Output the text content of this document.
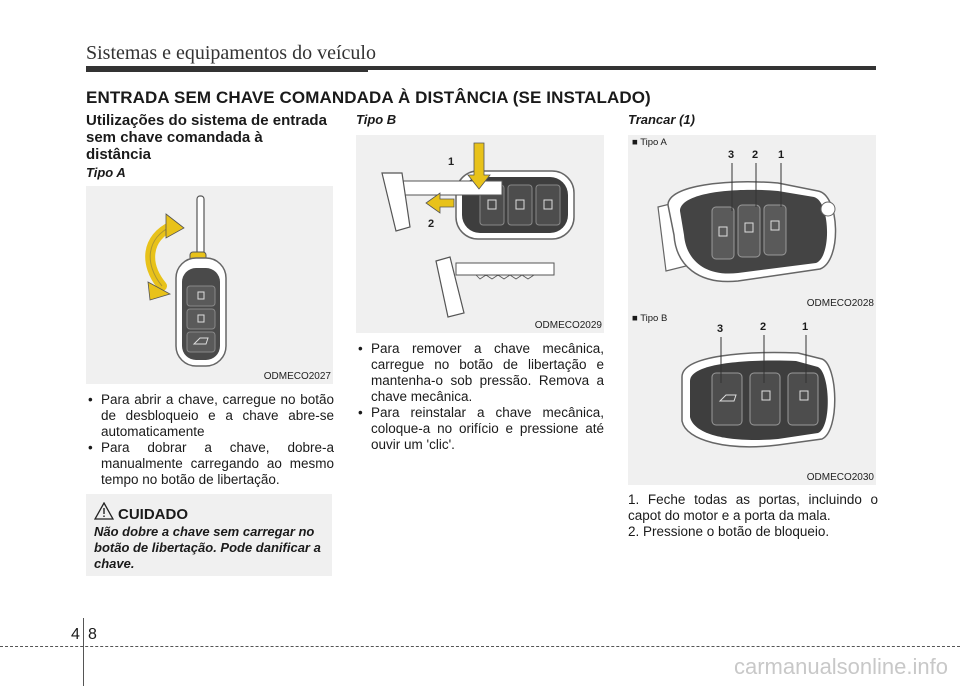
Sistemas e equipamentos do veículo
ENTRADA SEM CHAVE COMANDADA À DISTÂNCIA (SE INSTALADO)
Utilizações do sistema de entrada
sem chave comandada à
distância
Tipo A
ODMECO2027
• Para abrir a chave, carregue no botão de desbloqueio e a chave abre-se automaticamente
• Para dobrar a chave, dobre-a manualmente carregando ao mesmo tempo no botão de libertação.
CUIDADO
Não dobre a chave sem carregar no botão de libertação. Pode danificar a chave.
Tipo B
1
2
ODMECO2029
• Para remover a chave mecânica, carregue no botão de libertação e mantenha-o sob pressão. Remova a chave mecânica.
• Para reinstalar a chave mecânica, coloque-a no orifício e pressione até ouvir um 'clic'.
Trancar (1)
■ Tipo A
3 2 1
ODMECO2028
■ Tipo B
3	2	1
ODMECO2030
1. Feche todas as portas, incluindo o capot do motor e a porta da mala.
2. Pressione o botão de bloqueio.
4 8
carmanualsonline.info
